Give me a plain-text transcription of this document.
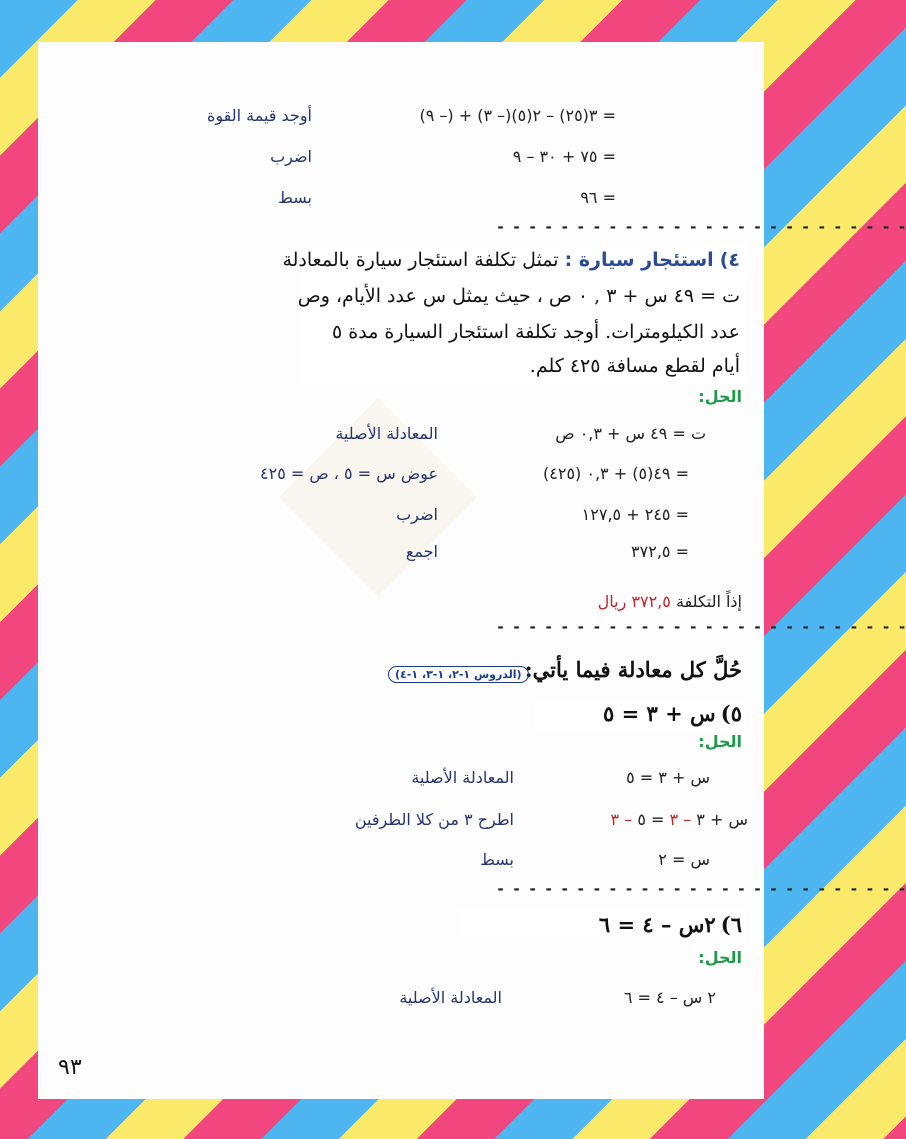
= ٣(٢٥) – ٢(٥)(– ٣) + (– ٩)
أوجد قيمة القوة
= ٧٥ + ٣٠ – ٩
اضرب
= ٩٦
بسط
- - - - - - - - - - - - - - - - - - - - - - - - - -
٤) استئجار سيارة : تمثل تكلفة استئجار سيارة بالمعادلة
ت = ٤٩ س + ٣ , ٠ ص ، حيث يمثل س عدد الأيام، وص
عدد الكيلومترات. أوجد تكلفة استئجار السيارة مدة ٥
أيام لقطع مسافة ٤٢٥ كلم.
الحل:
ت = ٤٩ س + ٠,٣ ص
المعادلة الأصلية
= ٤٩(٥) + ٠,٣ (٤٢٥)
عوض س = ٥ ، ص = ٤٢٥
= ٢٤٥ + ١٢٧,٥
اضرب
= ٣٧٢,٥
اجمع
إذاً التكلفة ٣٧٢,٥ ريال
- - - - - - - - - - - - - - - - - - - - - - - - - -
حُلَّ كل معادلة فيما يأتي:
(الدروس ١-٢، ١-٣، ١-٤)
٥) س + ٣ = ٥
الحل:
س + ٣ = ٥
المعادلة الأصلية
س + ٣ – ٣ = ٥ – ٣
اطرح ٣ من كلا الطرفين
س = ٢
بسط
- - - - - - - - - - - - - - - - - - - - - - - - - -
٦) ٢س – ٤ = ٦
الحل:
٢ س – ٤ = ٦
المعادلة الأصلية
٩٣
